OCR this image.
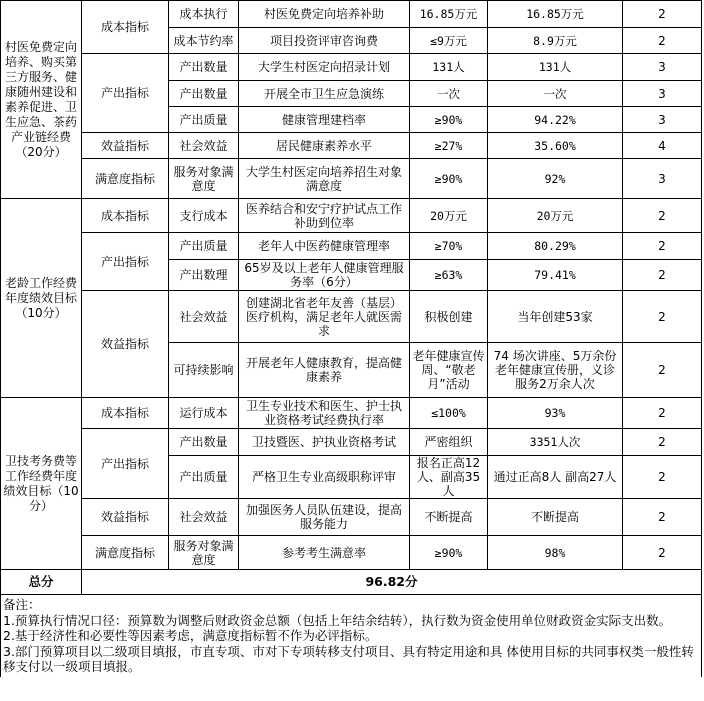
村医免费定向培养、购买第三方服务、健康随州建设和素养促进、卫生应急、茶药产业链经费（20分）	成本指标	成本执行	村医免费定向培养补助	16.85万元	16.85万元	2
		成本节约率	项目投资评审咨询费	≤9万元	8.9万元	2
	产出指标	产出数量	大学生村医定向招录计划	131人	131人	3
		产出数量	开展全市卫生应急演练	一次	一次	3
		产出质量	健康管理建档率	≥90%	94.22%	3
	效益指标	社会效益	居民健康素养水平	≥27%	35.60%	4
	满意度指标	服务对象满意度	大学生村医定向培养招生对象满意度	≥90%	92%	3
老龄工作经费年度绩效目标（10分）	成本指标	支行成本	医养结合和安宁疗护试点工作补助到位率	20万元	20万元	2
	产出指标	产出质量	老年人中医药健康管理率	≥70%	80.29%	2
		产出数理	65岁及以上老年人健康管理服务率（6分）	≥63%	79.41%	2
	效益指标	社会效益	创建湖北省老年友善（基层）医疗机构，满足老年人就医需求	积极创建	当年创建53家	2
		可持续影响	开展老年人健康教育，提高健康素养	老年健康宣传周、“敬老月”活动	74 场次讲座、5万余份老年健康宣传册，义诊服务2万余人次	2
卫技考务费等工作经费年度绩效目标（10分）	成本指标	运行成本	卫生专业技术和医生、护士执业资格考试经费执行率	≤100%	93%	2
	产出指标	产出数量	卫技暨医、护执业资格考试	严密组织	3351人次	2
		产出质量	严格卫生专业高级职称评审	报名正高12人、副高35人	通过正高8人 副高27人	2
	效益指标	社会效益	加强医务人员队伍建设，提高服务能力	不断提高	不断提高	2
	满意度指标	服务对象满意度	参考考生满意率	≥90%	98%	2
总分	96.82分					

备注：
1.预算执行情况口径：预算数为调整后财政资金总额（包括上年结余结转），执行数为资金使用单位财政资金实际支出数。
2.基于经济性和必要性等因素考虑，满意度指标暂不作为必评指标。
3.部门预算项目以二级项目填报，市直专项、市对下专项转移支付项目、具有特定用途和具 体使用目标的共同事权类一般性转移支付以一级项目填报。						
